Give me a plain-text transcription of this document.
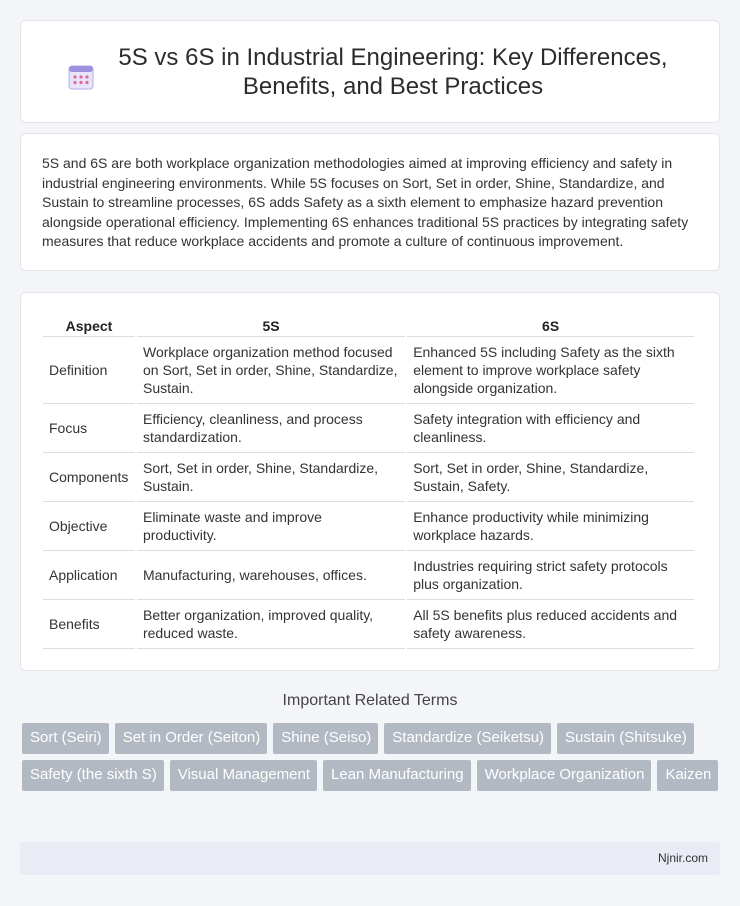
5S vs 6S in Industrial Engineering: Key Differences, Benefits, and Best Practices

5S and 6S are both workplace organization methodologies aimed at improving efficiency and safety in industrial engineering environments. While 5S focuses on Sort, Set in order, Shine, Standardize, and Sustain to streamline processes, 6S adds Safety as a sixth element to emphasize hazard prevention alongside operational efficiency. Implementing 6S enhances traditional 5S practices by integrating safety measures that reduce workplace accidents and promote a culture of continuous improvement.

Aspect	5S	6S
Definition	Workplace organization method focused on Sort, Set in order, Shine, Standardize, Sustain.	Enhanced 5S including Safety as the sixth element to improve workplace safety alongside organization.
Focus	Efficiency, cleanliness, and process standardization.	Safety integration with efficiency and cleanliness.
Components	Sort, Set in order, Shine, Standardize, Sustain.	Sort, Set in order, Shine, Standardize, Sustain, Safety.
Objective	Eliminate waste and improve productivity.	Enhance productivity while minimizing workplace hazards.
Application	Manufacturing, warehouses, offices.	Industries requiring strict safety protocols plus organization.
Benefits	Better organization, improved quality, reduced waste.	All 5S benefits plus reduced accidents and safety awareness.
Important Related Terms
Sort (Seiri)	Set in Order (Seiton)	Shine (Seiso)	Standardize (Seiketsu)	Sustain (Shitsuke)
Safety (the sixth S)	Visual Management	Lean Manufacturing	Workplace Organization	Kaizen
Njnir.com
